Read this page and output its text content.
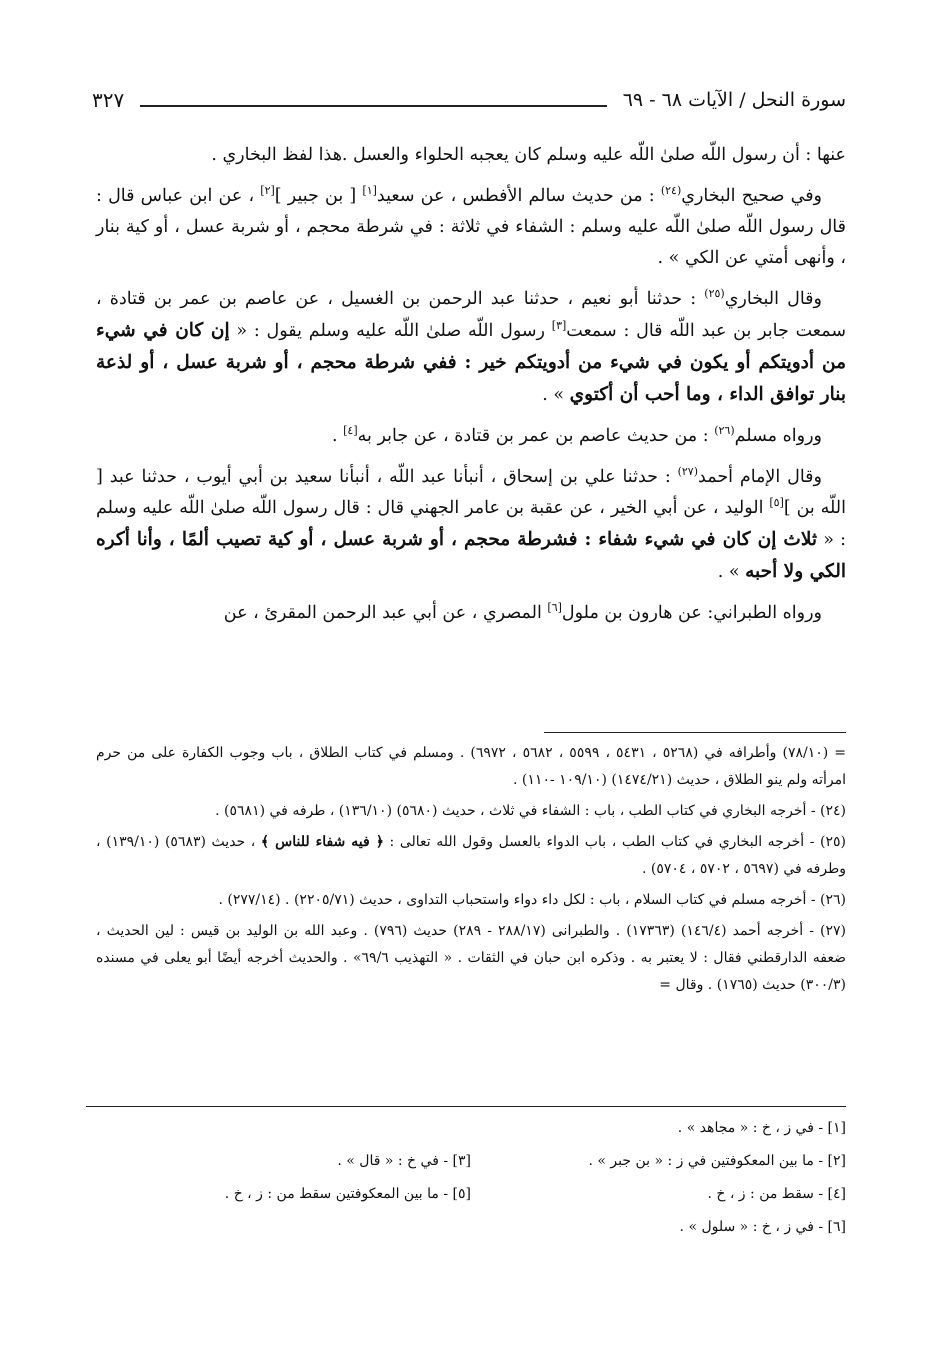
سورة النحل / الآيات ٦٨ - ٦٩
٣٢٧

عنها : أن رسول اللّه صلىٰ اللّه عليه وسلم كان يعجبه الحلواء والعسل .هذا لفظ البخاري .

وفي صحيح البخاري$^{(٢٤)}$ : من حديث سالم الأفطس ، عن سعيد[١] [ بن جبير ][٢] ، عن ابن عباس قال : قال رسول اللّه صلىٰ اللّه عليه وسلم : الشفاء في ثلاثة : في شرطة محجم ، أو شربة عسل ، أو كية بنار ، وأنهى أمتي عن الكي » .

وقال البخاري$^{(٢٥)}$ : حدثنا أبو نعيم ، حدثنا عبد الرحمن بن الغسيل ، عن عاصم بن عمر بن قتادة ، سمعت جابر بن عبد اللّه قال : سمعت[٣] رسول اللّه صلىٰ اللّه عليه وسلم يقول : « إن كان في شيء من أدويتكم أو يكون في شيء من أدويتكم خير : ففي شرطة محجم ، أو شربة عسل ، أو لذعة بنار توافق الداء ، وما أحب أن أكتوي » .

ورواه مسلم$^{(٢٦)}$ : من حديث عاصم بن عمر بن قتادة ، عن جابر به[٤] .

وقال الإمام أحمد$^{(٢٧)}$ : حدثنا علي بن إسحاق ، أنبأنا عبد اللّه ، أنبأنا سعيد بن أبي أيوب ، حدثنا عبد [ اللّه بن ][٥] الوليد ، عن أبي الخير ، عن عقبة بن عامر الجهني قال : قال رسول اللّه صلىٰ اللّه عليه وسلم : « ثلاث إن كان في شيء شفاء : فشرطة محجم ، أو شربة عسل ، أو كية تصيب ألمًا ، وأنا أكره الكي ولا أحبه » .

ورواه الطبراني: عن هارون بن ملول[٦] المصري ، عن أبي عبد الرحمن المقرئ ، عن

= (٧٨/١٠) وأطرافه في (٥٢٦٨ ، ٥٤٣١ ، ٥٥٩٩ ، ٥٦٨٢ ، ٦٩٧٢) . ومسلم في كتاب الطلاق ، باب وجوب الكفارة على من حرم امرأته ولم ينو الطلاق ، حديث (١٤٧٤/٢١) (١٠٩/١٠ -١١٠) .

(٢٤) - أخرجه البخاري في كتاب الطب ، باب : الشفاء في ثلاث ، حديث (٥٦٨٠) (١٣٦/١٠) ، طرفه في (٥٦٨١) .

(٢٥) - أخرجه البخاري في كتاب الطب ، باب الدواء بالعسل وقول الله تعالى : ﴿ فيه شفاء للناس ﴾ ، حديث (٥٦٨٣) (١٣٩/١٠) ، وطرفه في (٥٦٩٧ ، ٥٧٠٢ ، ٥٧٠٤) .

(٢٦) - أخرجه مسلم في كتاب السلام ، باب : لكل داء دواء واستحباب التداوى ، حديث (٢٢٠٥/٧١) . (٢٧٧/١٤) .

(٢٧) - أخرجه أحمد (١٤٦/٤) (١٧٣٦٣) . والطبرانى (٢٨٨/١٧ - ٢٨٩) حديث (٧٩٦) . وعبد الله بن الوليد بن قيس : لين الحديث ، ضعفه الدارقطني فقال : لا يعتبر به . وذكره ابن حبان في الثقات . « التهذيب ٦٩/٦» . والحديث أخرجه أيضًا أبو يعلى في مسنده (٣٠٠/٣) حديث (١٧٦٥) . وقال =

[١] - في ز ، خ : « مجاهد » .
[٢] - ما بين المعكوفتين في ز : « بن جبر » .
[٣] - في خ : « قال » .
[٤] - سقط من : ز ، خ .
[٥] - ما بين المعكوفتين سقط من : ز ، خ .
[٦] - في ز ، خ : « سلول » .
